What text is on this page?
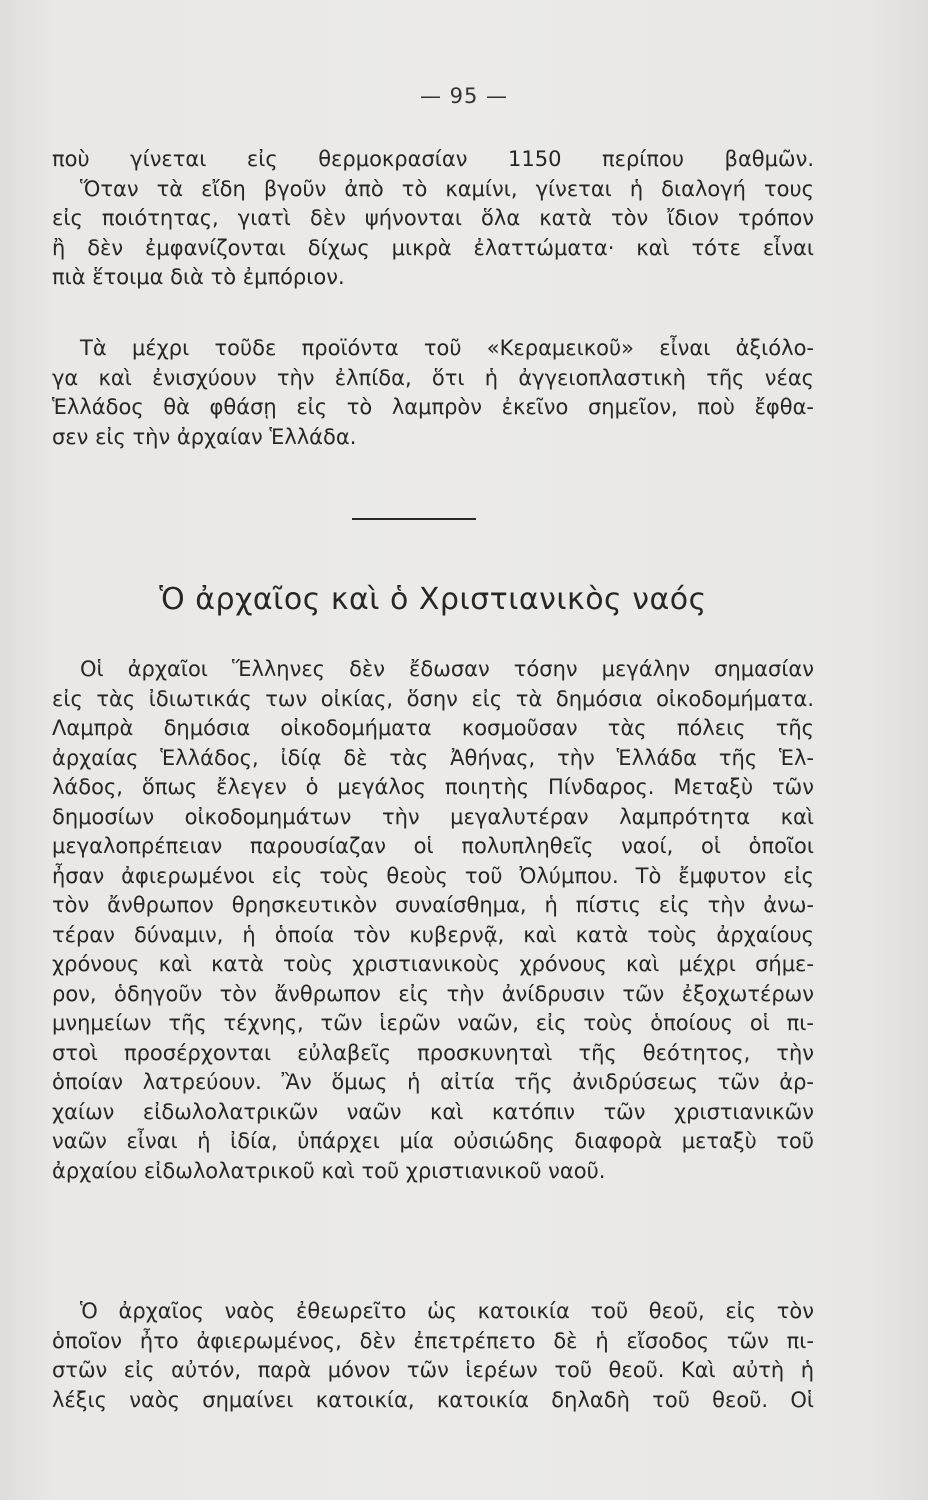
— 95 —
ποὺ γίνεται εἰς θερμοκρασίαν 1150 περίπου βαθμῶν.
Ὅταν τὰ εἴδη βγοῦν ἀπὸ τὸ καμίνι, γίνεται ἡ διαλογή τους
εἰς ποιότητας, γιατὶ δὲν ψήνονται ὅλα κατὰ τὸν ἴδιον τρόπον
ἢ δὲν ἐμφανίζονται δίχως μικρὰ ἐλαττώματα· καὶ τότε εἶναι
πιὰ ἕτοιμα διὰ τὸ ἐμπόριον.
Τὰ μέχρι τοῦδε προϊόντα τοῦ «Κεραμεικοῦ» εἶναι ἀξιόλο-
γα καὶ ἐνισχύουν τὴν ἐλπίδα, ὅτι ἡ ἀγγειοπλαστικὴ τῆς νέας
Ἑλλάδος θὰ φθάσῃ εἰς τὸ λαμπρὸν ἐκεῖνο σημεῖον, ποὺ ἔφθα-
σεν εἰς τὴν ἀρχαίαν Ἑλλάδα.
Ὁ ἀρχαῖος καὶ ὁ Χριστιανικὸς ναός
Οἱ ἀρχαῖοι Ἕλληνες δὲν ἔδωσαν τόσην μεγάλην σημασίαν
εἰς τὰς ἰδιωτικάς των οἰκίας, ὅσην εἰς τὰ δημόσια οἰκοδομήματα.
Λαμπρὰ δημόσια οἰκοδομήματα κοσμοῦσαν τὰς πόλεις τῆς
ἀρχαίας Ἑλλάδος, ἰδίᾳ δὲ τὰς Ἀθήνας, τὴν Ἑλλάδα τῆς Ἑλ-
λάδος, ὅπως ἔλεγεν ὁ μεγάλος ποιητὴς Πίνδαρος. Μεταξὺ τῶν
δημοσίων οἰκοδομημάτων τὴν μεγαλυτέραν λαμπρότητα καὶ
μεγαλοπρέπειαν παρουσίαζαν οἱ πολυπληθεῖς ναοί, οἱ ὁποῖοι
ἦσαν ἀφιερωμένοι εἰς τοὺς θεοὺς τοῦ Ὀλύμπου. Τὸ ἔμφυτον εἰς
τὸν ἄνθρωπον θρησκευτικὸν συναίσθημα, ἡ πίστις εἰς τὴν ἀνω-
τέραν δύναμιν, ἡ ὁποία τὸν κυβερνᾷ, καὶ κατὰ τοὺς ἀρχαίους
χρόνους καὶ κατὰ τοὺς χριστιανικοὺς χρόνους καὶ μέχρι σήμε-
ρον, ὁδηγοῦν τὸν ἄνθρωπον εἰς τὴν ἀνίδρυσιν τῶν ἐξοχωτέρων
μνημείων τῆς τέχνης, τῶν ἱερῶν ναῶν, εἰς τοὺς ὁποίους οἱ πι-
στοὶ προσέρχονται εὐλαβεῖς προσκυνηταὶ τῆς θεότητος, τὴν
ὁποίαν λατρεύουν. Ἂν ὅμως ἡ αἰτία τῆς ἀνιδρύσεως τῶν ἀρ-
χαίων εἰδωλολατρικῶν ναῶν καὶ κατόπιν τῶν χριστιανικῶν
ναῶν εἶναι ἡ ἰδία, ὑπάρχει μία οὐσιώδης διαφορὰ μεταξὺ τοῦ
ἀρχαίου εἰδωλολατρικοῦ καὶ τοῦ χριστιανικοῦ ναοῦ.
Ὁ ἀρχαῖος ναὸς ἐθεωρεῖτο ὡς κατοικία τοῦ θεοῦ, εἰς τὸν
ὁποῖον ἦτο ἀφιερωμένος, δὲν ἐπετρέπετο δὲ ἡ εἴσοδος τῶν πι-
στῶν εἰς αὐτόν, παρὰ μόνον τῶν ἱερέων τοῦ θεοῦ. Καὶ αὐτὴ ἡ
λέξις ναὸς σημαίνει κατοικία, κατοικία δηλαδὴ τοῦ θεοῦ. Οἱ
